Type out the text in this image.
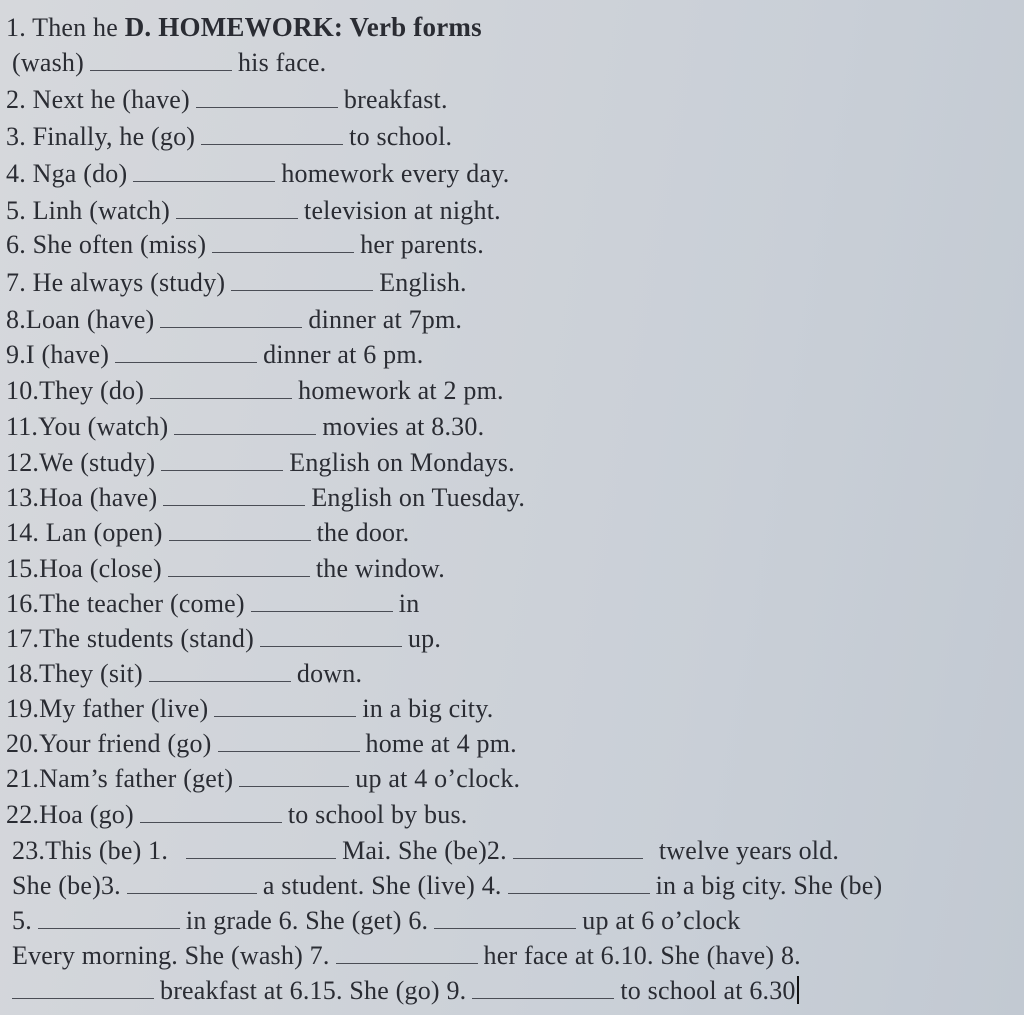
1. Then he D. HOMEWORK: Verb forms
(wash)	his face.
2. Next he (have)	breakfast.
3. Finally, he (go)	to school.
4. Nga (do)	homework every day.
5. Linh (watch)	television at night.
6. She often (miss)	her parents.
7. He always (study)	English.
8.Loan (have)	dinner at 7pm.
9.I (have)	dinner at 6 pm.
10.They (do)	homework at 2 pm.
11.You (watch)	movies at 8.30.
12.We (study)	English on Mondays.
13.Hoa (have)	English on Tuesday.
14. Lan (open)	the door.
15.Hoa (close)	the window.
16.The teacher (come)	in
17.The students (stand)	up.
18.They (sit)	down.
19.My father (live)	in a big city.
20.Your friend (go)	home at 4 pm.
21.Nam’s father (get)	up at 4 o’clock.
22.Hoa (go)	to school by bus.
23.This (be) 1.	Mai. She (be)2.	twelve years old.
She (be)3.	a student. She (live) 4.	in a big city. She (be)
5.	in grade 6. She (get) 6.	up at 6 o’clock
Every morning. She (wash) 7.	her face at 6.10. She (have) 8.
breakfast at 6.15. She (go) 9.	to school at 6.30
